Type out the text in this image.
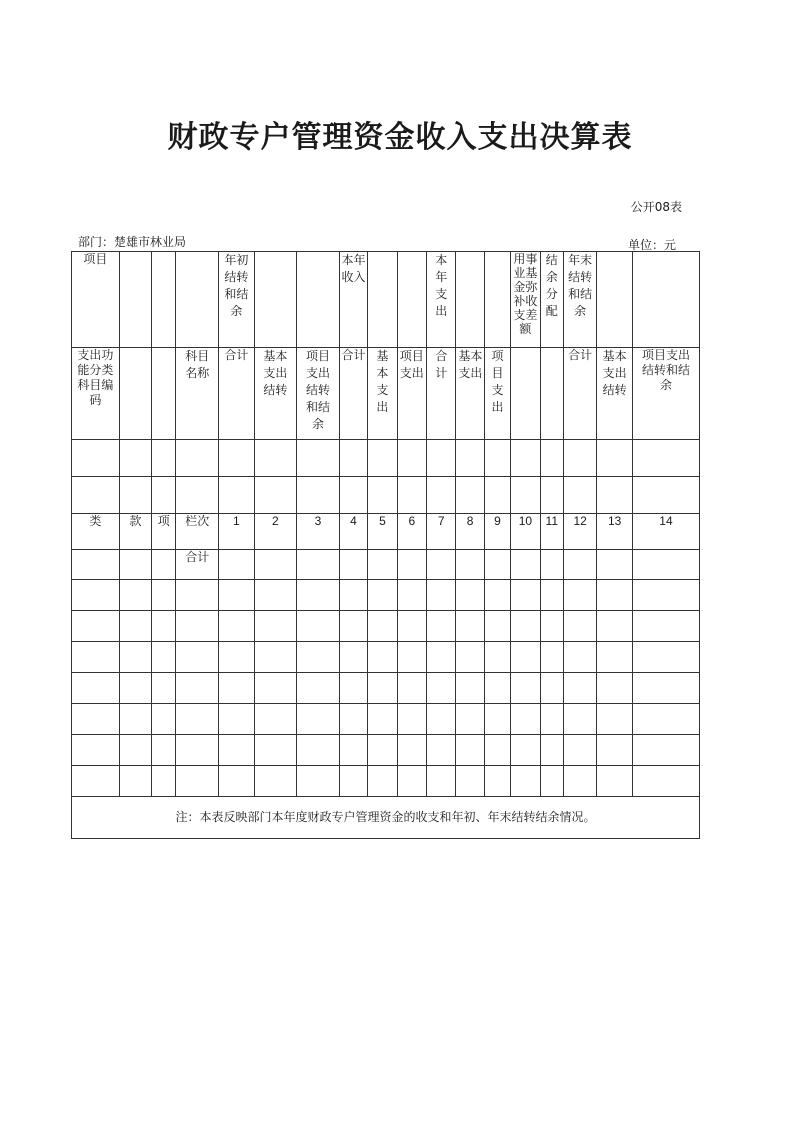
财政专户管理资金收入支出决算表
公开08表
部门：楚雄市林业局	单位：元
项目				年初结转和结余			本年收入			本年支出			用事业基金弥补收支差额	结余分配	年末结转和结余		
支出功能分类科目编码			科目名称	合计	基本支出结转	项目支出结转和结余	合计	基本支出	项目支出	合计	基本支出	项目支出			合计	基本支出结转	项目支出结转和结余

类	款	项	栏次	1	2	3	4	5	6	7	8	9	10	11	12	13	14
			合计														

注：本表反映部门本年度财政专户管理资金的收支和年初、年末结转结余情况。																	
